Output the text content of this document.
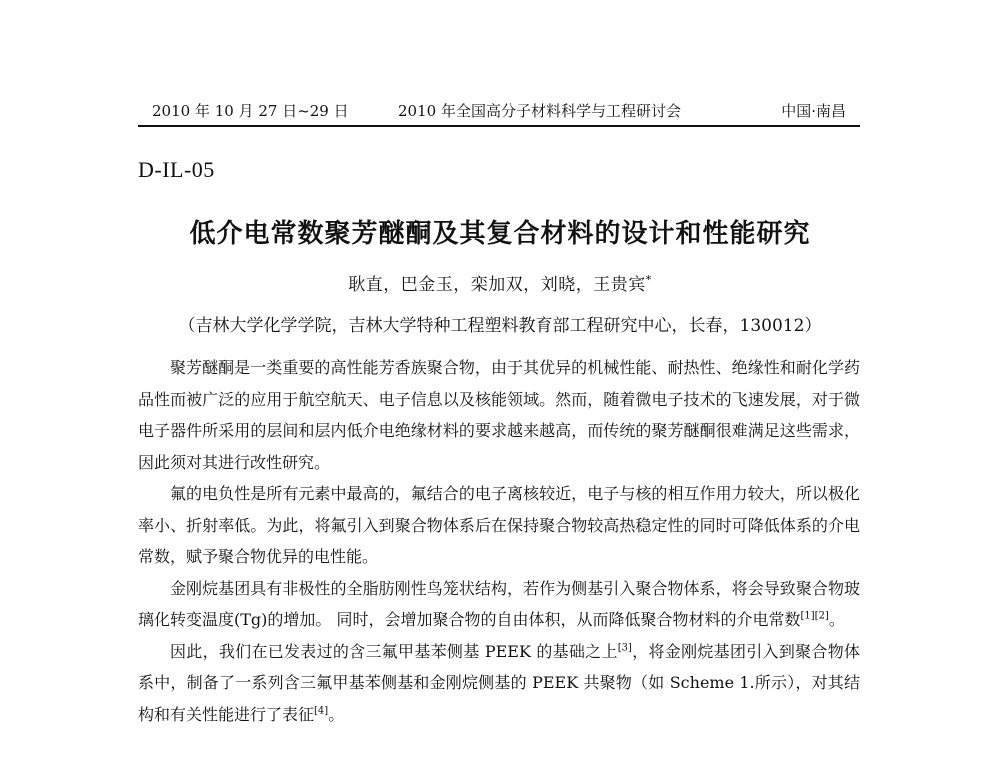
2010 年 10 月 27 日~29 日	2010 年全国高分子材料科学与工程研讨会	中国·南昌
D-IL-05
低介电常数聚芳醚酮及其复合材料的设计和性能研究
耿直，巴金玉，栾加双，刘晓，王贵宾*
（吉林大学化学学院，吉林大学特种工程塑料教育部工程研究中心，长春，130012）

聚芳醚酮是一类重要的高性能芳香族聚合物，由于其优异的机械性能、耐热性、绝缘性和耐化学药品性而被广泛的应用于航空航天、电子信息以及核能领域。然而，随着微电子技术的飞速发展，对于微电子器件所采用的层间和层内低介电绝缘材料的要求越来越高，而传统的聚芳醚酮很难满足这些需求，因此须对其进行改性研究。

氟的电负性是所有元素中最高的，氟结合的电子离核较近，电子与核的相互作用力较大，所以极化率小、折射率低。为此，将氟引入到聚合物体系后在保持聚合物较高热稳定性的同时可降低体系的介电常数，赋予聚合物优异的电性能。

金刚烷基团具有非极性的全脂肪刚性鸟笼状结构，若作为侧基引入聚合物体系，将会导致聚合物玻璃化转变温度(Tg)的增加。 同时，会增加聚合物的自由体积，从而降低聚合物材料的介电常数[1][2]。

因此，我们在已发表过的含三氟甲基苯侧基 PEEK 的基础之上[3]，将金刚烷基团引入到聚合物体系中，制备了一系列含三氟甲基苯侧基和金刚烷侧基的 PEEK 共聚物（如 Scheme 1.所示），对其结构和有关性能进行了表征[4]。
